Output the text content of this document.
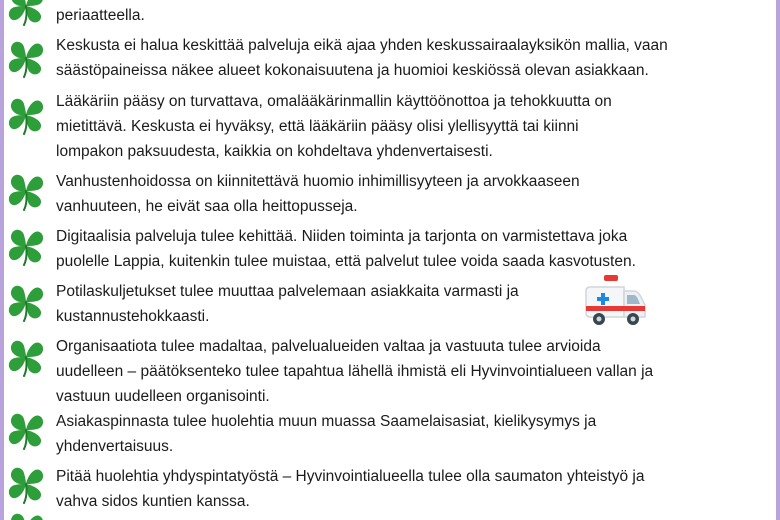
periaatteella.

Keskusta ei halua keskittää palveluja eikä ajaa yhden keskussairaalayksikön mallia, vaan
säästöpaineissa näkee alueet kokonaisuutena ja huomioi keskiössä olevan asiakkaan.

Lääkäriin pääsy on turvattava, omalääkärinmallin käyttöönottoa ja tehokkuutta on
mietittävä. Keskusta ei hyväksy, että lääkäriin pääsy olisi ylellisyyttä tai kiinni
lompakon paksuudesta, kaikkia on kohdeltava yhdenvertaisesti.

Vanhustenhoidossa on kiinnitettävä huomio inhimillisyyteen ja arvokkaaseen
vanhuuteen, he eivät saa olla heittopusseja.

Digitaalisia palveluja tulee kehittää. Niiden toiminta ja tarjonta on varmistettava joka
puolelle Lappia, kuitenkin tulee muistaa, että palvelut tulee voida saada kasvotusten.

Potilaskuljetukset tulee muuttaa palvelemaan asiakkaita varmasti ja
kustannustehokkaasti.

Organisaatiota tulee madaltaa, palvelualueiden valtaa ja vastuuta tulee arvioida
uudelleen – päätöksenteko tulee tapahtua lähellä ihmistä eli Hyvinvointialueen vallan ja
vastuun uudelleen organisointi.

Asiakaspinnasta tulee huolehtia muun muassa Saamelaisasiat, kielikysymys ja
yhdenvertaisuus.

Pitää huolehtia yhdyspintatyöstä – Hyvinvointialueella tulee olla saumaton yhteistyö ja
vahva sidos kuntien kanssa.
